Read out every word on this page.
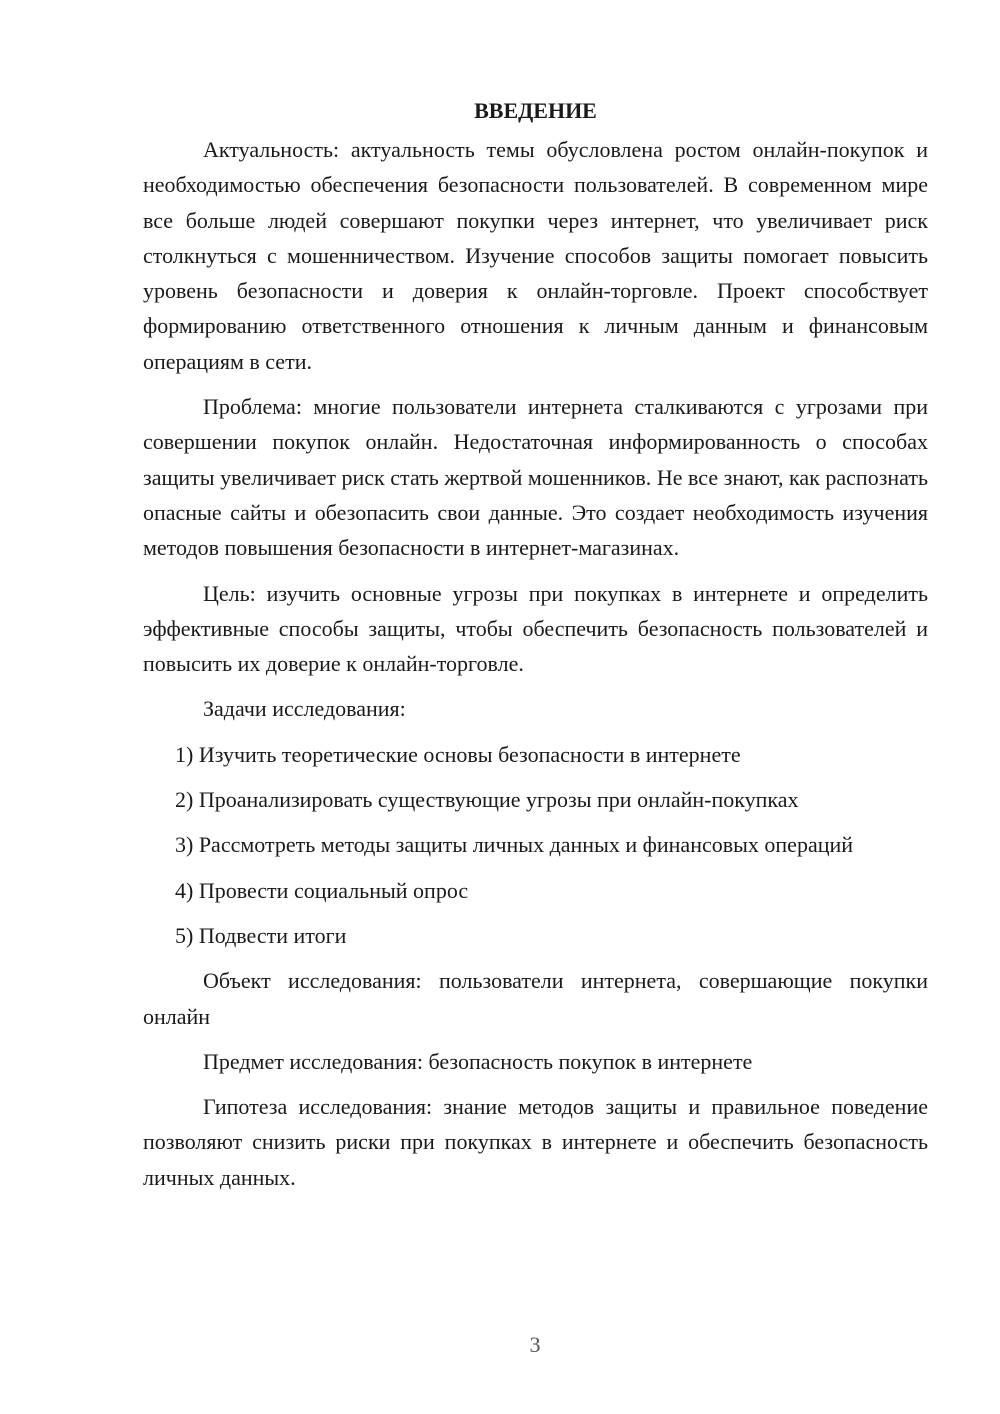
ВВЕДЕНИЕ

Актуальность: актуальность темы обусловлена ростом онлайн-покупок и необходимостью обеспечения безопасности пользователей. В современном мире все больше людей совершают покупки через интернет, что увеличивает риск столкнуться с мошенничеством. Изучение способов защиты помогает повысить уровень безопасности и доверия к онлайн-торговле. Проект способствует формированию ответственного отношения к личным данным и финансовым операциям в сети.

Проблема: многие пользователи интернета сталкиваются с угрозами при совершении покупок онлайн. Недостаточная информированность о способах защиты увеличивает риск стать жертвой мошенников. Не все знают, как распознать опасные сайты и обезопасить свои данные. Это создает необходимость изучения методов повышения безопасности в интернет-магазинах.

Цель: изучить основные угрозы при покупках в интернете и определить эффективные способы защиты, чтобы обеспечить безопасность пользователей и повысить их доверие к онлайн-торговле.

Задачи исследования:

1) Изучить теоретические основы безопасности в интернете

2) Проанализировать существующие угрозы при онлайн-покупках

3) Рассмотреть методы защиты личных данных и финансовых операций

4) Провести социальный опрос

5) Подвести итоги

Объект исследования: пользователи интернета, совершающие покупки онлайн

Предмет исследования: безопасность покупок в интернете

Гипотеза исследования: знание методов защиты и правильное поведение позволяют снизить риски при покупках в интернете и обеспечить безопасность личных данных.

3
